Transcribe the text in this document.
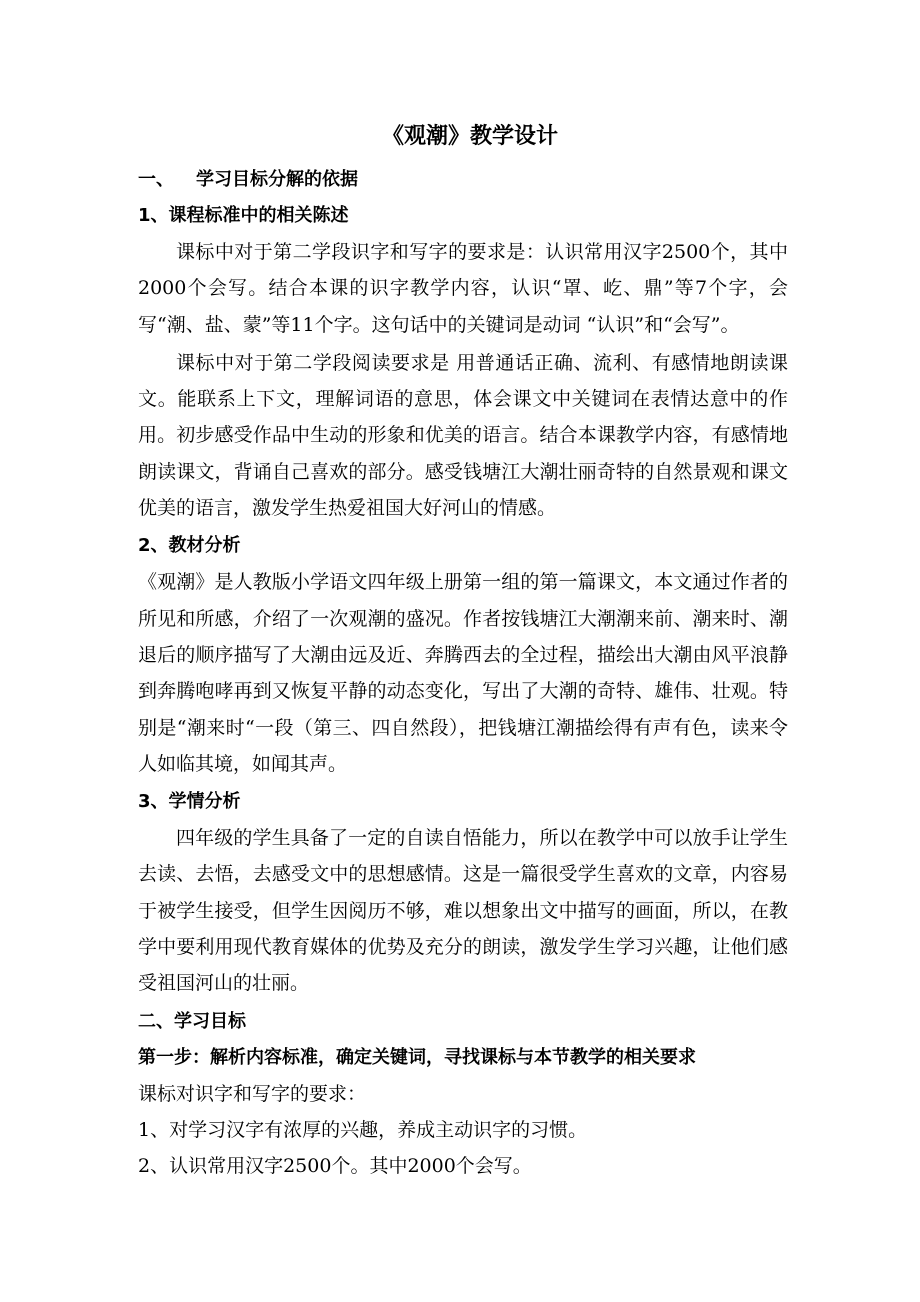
《观潮》教学设计
一、 学习目标分解的依据
1、课程标准中的相关陈述

课标中对于第二学段识字和写字的要求是：认识常用汉字2500个，其中2000个会写。结合本课的识字教学内容，认识“罩、屹、鼎”等7个字，会写“潮、盐、蒙”等11个字。这句话中的关键词是动词 “认识”和“会写”。

课标中对于第二学段阅读要求是 用普通话正确、流利、有感情地朗读课文。能联系上下文，理解词语的意思，体会课文中关键词在表情达意中的作用。初步感受作品中生动的形象和优美的语言。结合本课教学内容，有感情地朗读课文，背诵自己喜欢的部分。感受钱塘江大潮壮丽奇特的自然景观和课文优美的语言，激发学生热爱祖国大好河山的情感。

2、教材分析

《观潮》是人教版小学语文四年级上册第一组的第一篇课文，本文通过作者的所见和所感，介绍了一次观潮的盛况。作者按钱塘江大潮潮来前、潮来时、潮退后的顺序描写了大潮由远及近、奔腾西去的全过程，描绘出大潮由风平浪静到奔腾咆哮再到又恢复平静的动态变化，写出了大潮的奇特、雄伟、壮观。特别是“潮来时“一段（第三、四自然段），把钱塘江潮描绘得有声有色，读来令人如临其境，如闻其声。

3、学情分析

四年级的学生具备了一定的自读自悟能力，所以在教学中可以放手让学生去读、去悟，去感受文中的思想感情。这是一篇很受学生喜欢的文章，内容易于被学生接受，但学生因阅历不够，难以想象出文中描写的画面，所以，在教学中要利用现代教育媒体的优势及充分的朗读，激发学生学习兴趣，让他们感受祖国河山的壮丽。

二、学习目标
第一步：解析内容标准，确定关键词，寻找课标与本节教学的相关要求
课标对识字和写字的要求：
1、对学习汉字有浓厚的兴趣，养成主动识字的习惯。
2、认识常用汉字2500个。其中2000个会写。
